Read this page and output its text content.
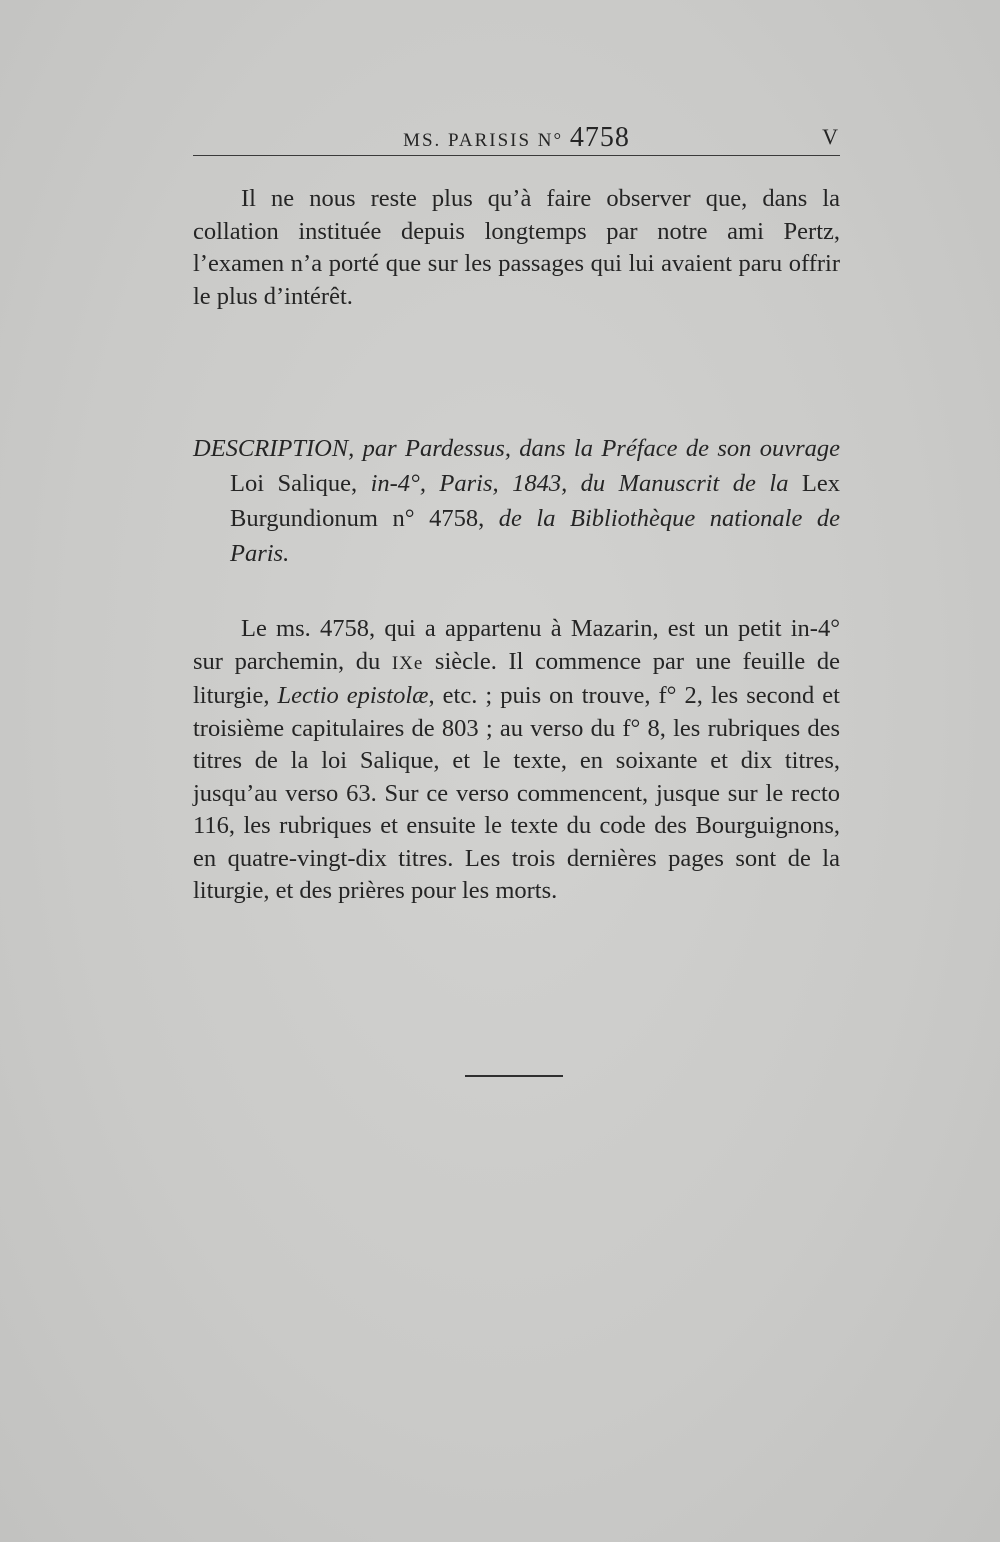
MS. PARISIS N° 4758	V

Il ne nous reste plus qu’à faire observer que, dans la collation instituée depuis longtemps par notre ami Pertz, l’examen n’a porté que sur les passages qui lui avaient paru offrir le plus d’intérêt.

DESCRIPTION, par Pardessus, dans la Préface de son ouvrage Loi Salique, in-4°, Paris, 1843, du Manuscrit de la Lex Burgundionum n° 4758, de la Bibliothèque nationale de Paris.

Le ms. 4758, qui a appartenu à Mazarin, est un petit in-4° sur parchemin, du IXe siècle. Il commence par une feuille de liturgie, Lectio epistolæ, etc. ; puis on trouve, f° 2, les second et troisième capitulaires de 803 ; au verso du f° 8, les rubriques des titres de la loi Salique, et le texte, en soixante et dix titres, jusqu’au verso 63. Sur ce verso commencent, jusque sur le recto 116, les rubriques et ensuite le texte du code des Bourguignons, en quatre-vingt-dix titres. Les trois dernières pages sont de la liturgie, et des prières pour les morts.
